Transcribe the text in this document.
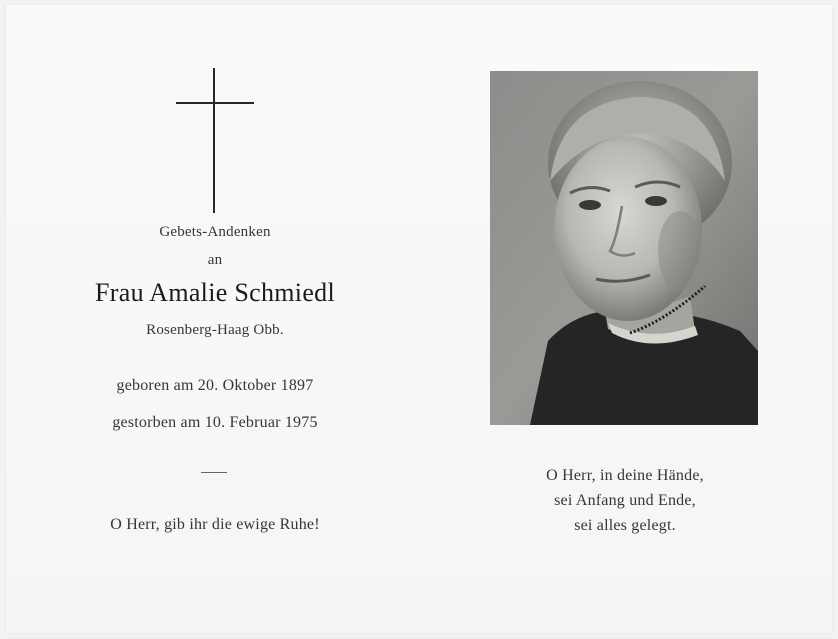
Gebets-Andenken
an
Frau Amalie Schmiedl
Rosenberg-Haag Obb.
geboren am 20. Oktober 1897
gestorben am 10. Februar 1975
O Herr, gib ihr die ewige Ruhe!
O Herr, in deine Hände,
sei Anfang und Ende,
sei alles gelegt.
